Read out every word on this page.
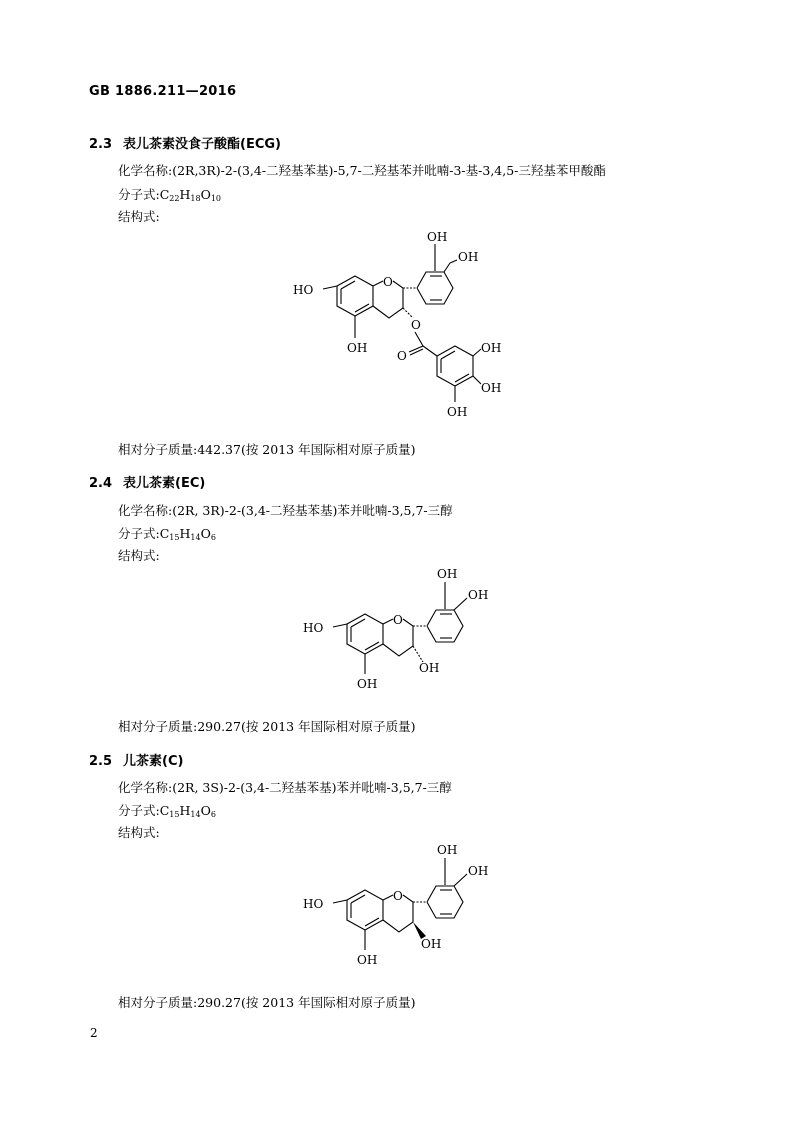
GB 1886.211—2016
2.3 表儿茶素没食子酸酯(ECG)
化学名称:(2R,3R)-2-(3,4-二羟基苯基)-5,7-二羟基苯并吡喃-3-基-3,4,5-三羟基苯甲酸酯
分子式$:C_{22}H_{18}O_{10}$
结构式:
OH
OH
HO
O
O
OH
O
OH
OH
OH
相对分子质量:442.37(按 2013 年国际相对原子质量)
2.4 表儿茶素(EC)
化学名称:(2R, 3R)-2-(3,4-二羟基苯基)苯并吡喃-3,5,7-三醇
分子式$:C_{15}H_{14}O_6$
结构式:
OH
OH
HO
O
OH
OH
相对分子质量:290.27(按 2013 年国际相对原子质量)
2.5 儿茶素(C)
化学名称:(2R, 3S)-2-(3,4-二羟基苯基)苯并吡喃-3,5,7-三醇
分子式$:C_{15}H_{14}O_6$
结构式:
OH
OH
HO
O
OH
OH
相对分子质量:290.27(按 2013 年国际相对原子质量)
2
